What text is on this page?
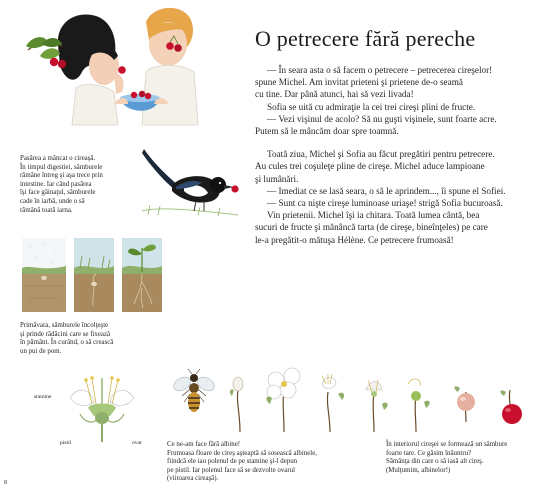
O petrecere fără pereche

— În seara asta o să facem o petrecere – petrecerea cireşelor!

spune Michel. Am invitat prieteni şi prietene de-o seamă

cu tine. Dar până atunci, hai să vezi livada!

Sofia se uită cu admiraţie la cei trei cireşi plini de fructe.

— Vezi vişinul de acolo? Să nu guşti vişinele, sunt foarte acre.

Putem să le mâncăm doar spre toamnă.

Toată ziua, Michel şi Sofia au făcut pregătiri pentru petrecere.

Au cules trei coşuleţe pline de cireşe. Michel aduce lampioane

şi lumânări.

— Imediat ce se lasă seara, o să le aprindem..., îi spune el Sofiei.

— Sunt ca nişte cireşe luminoase uriaşe! strigă Sofia bucuroasă.

Vin prietenii. Michel îşi ia chitara. Toată lumea cântă, bea

sucuri de fructe şi mănâncă tarta (de cireşe, bineînţeles) pe care

le-a pregătit-o mătuşa Hélène. Ce petrecere frumoasă!

Pasărea a mâncat o cireaşă.
În timpul digestiei, sâmburele
rămâne întreg şi aşa trece prin
intestine. Iar când pasărea
îşi face găinaţul, sâmburele
cade în iarbă, unde o să
rămână toată iarna.
Primăvara, sâmburele încolţeşte
şi prinde rădăcini care se fixează
în pământ. În curând, o să crească
un pui de pom.
stamine
pistil	ovar	Ce ne-am face fără albine!
Frumoasa floare de cireş aşteaptă să sosească albinele,
fiindcă ele iau polenul de pe stamine şi-l depun
pe pistil. Iar polenul face să se dezvolte ovarul
(viitoarea cireaşă).
În interiorul cireşei se formează un sâmbure
foarte tare. Ce găsim înăuntru?
Sămânţa din care o să iasă alt cireş.
(Mulţumim, albinelor!)
8
